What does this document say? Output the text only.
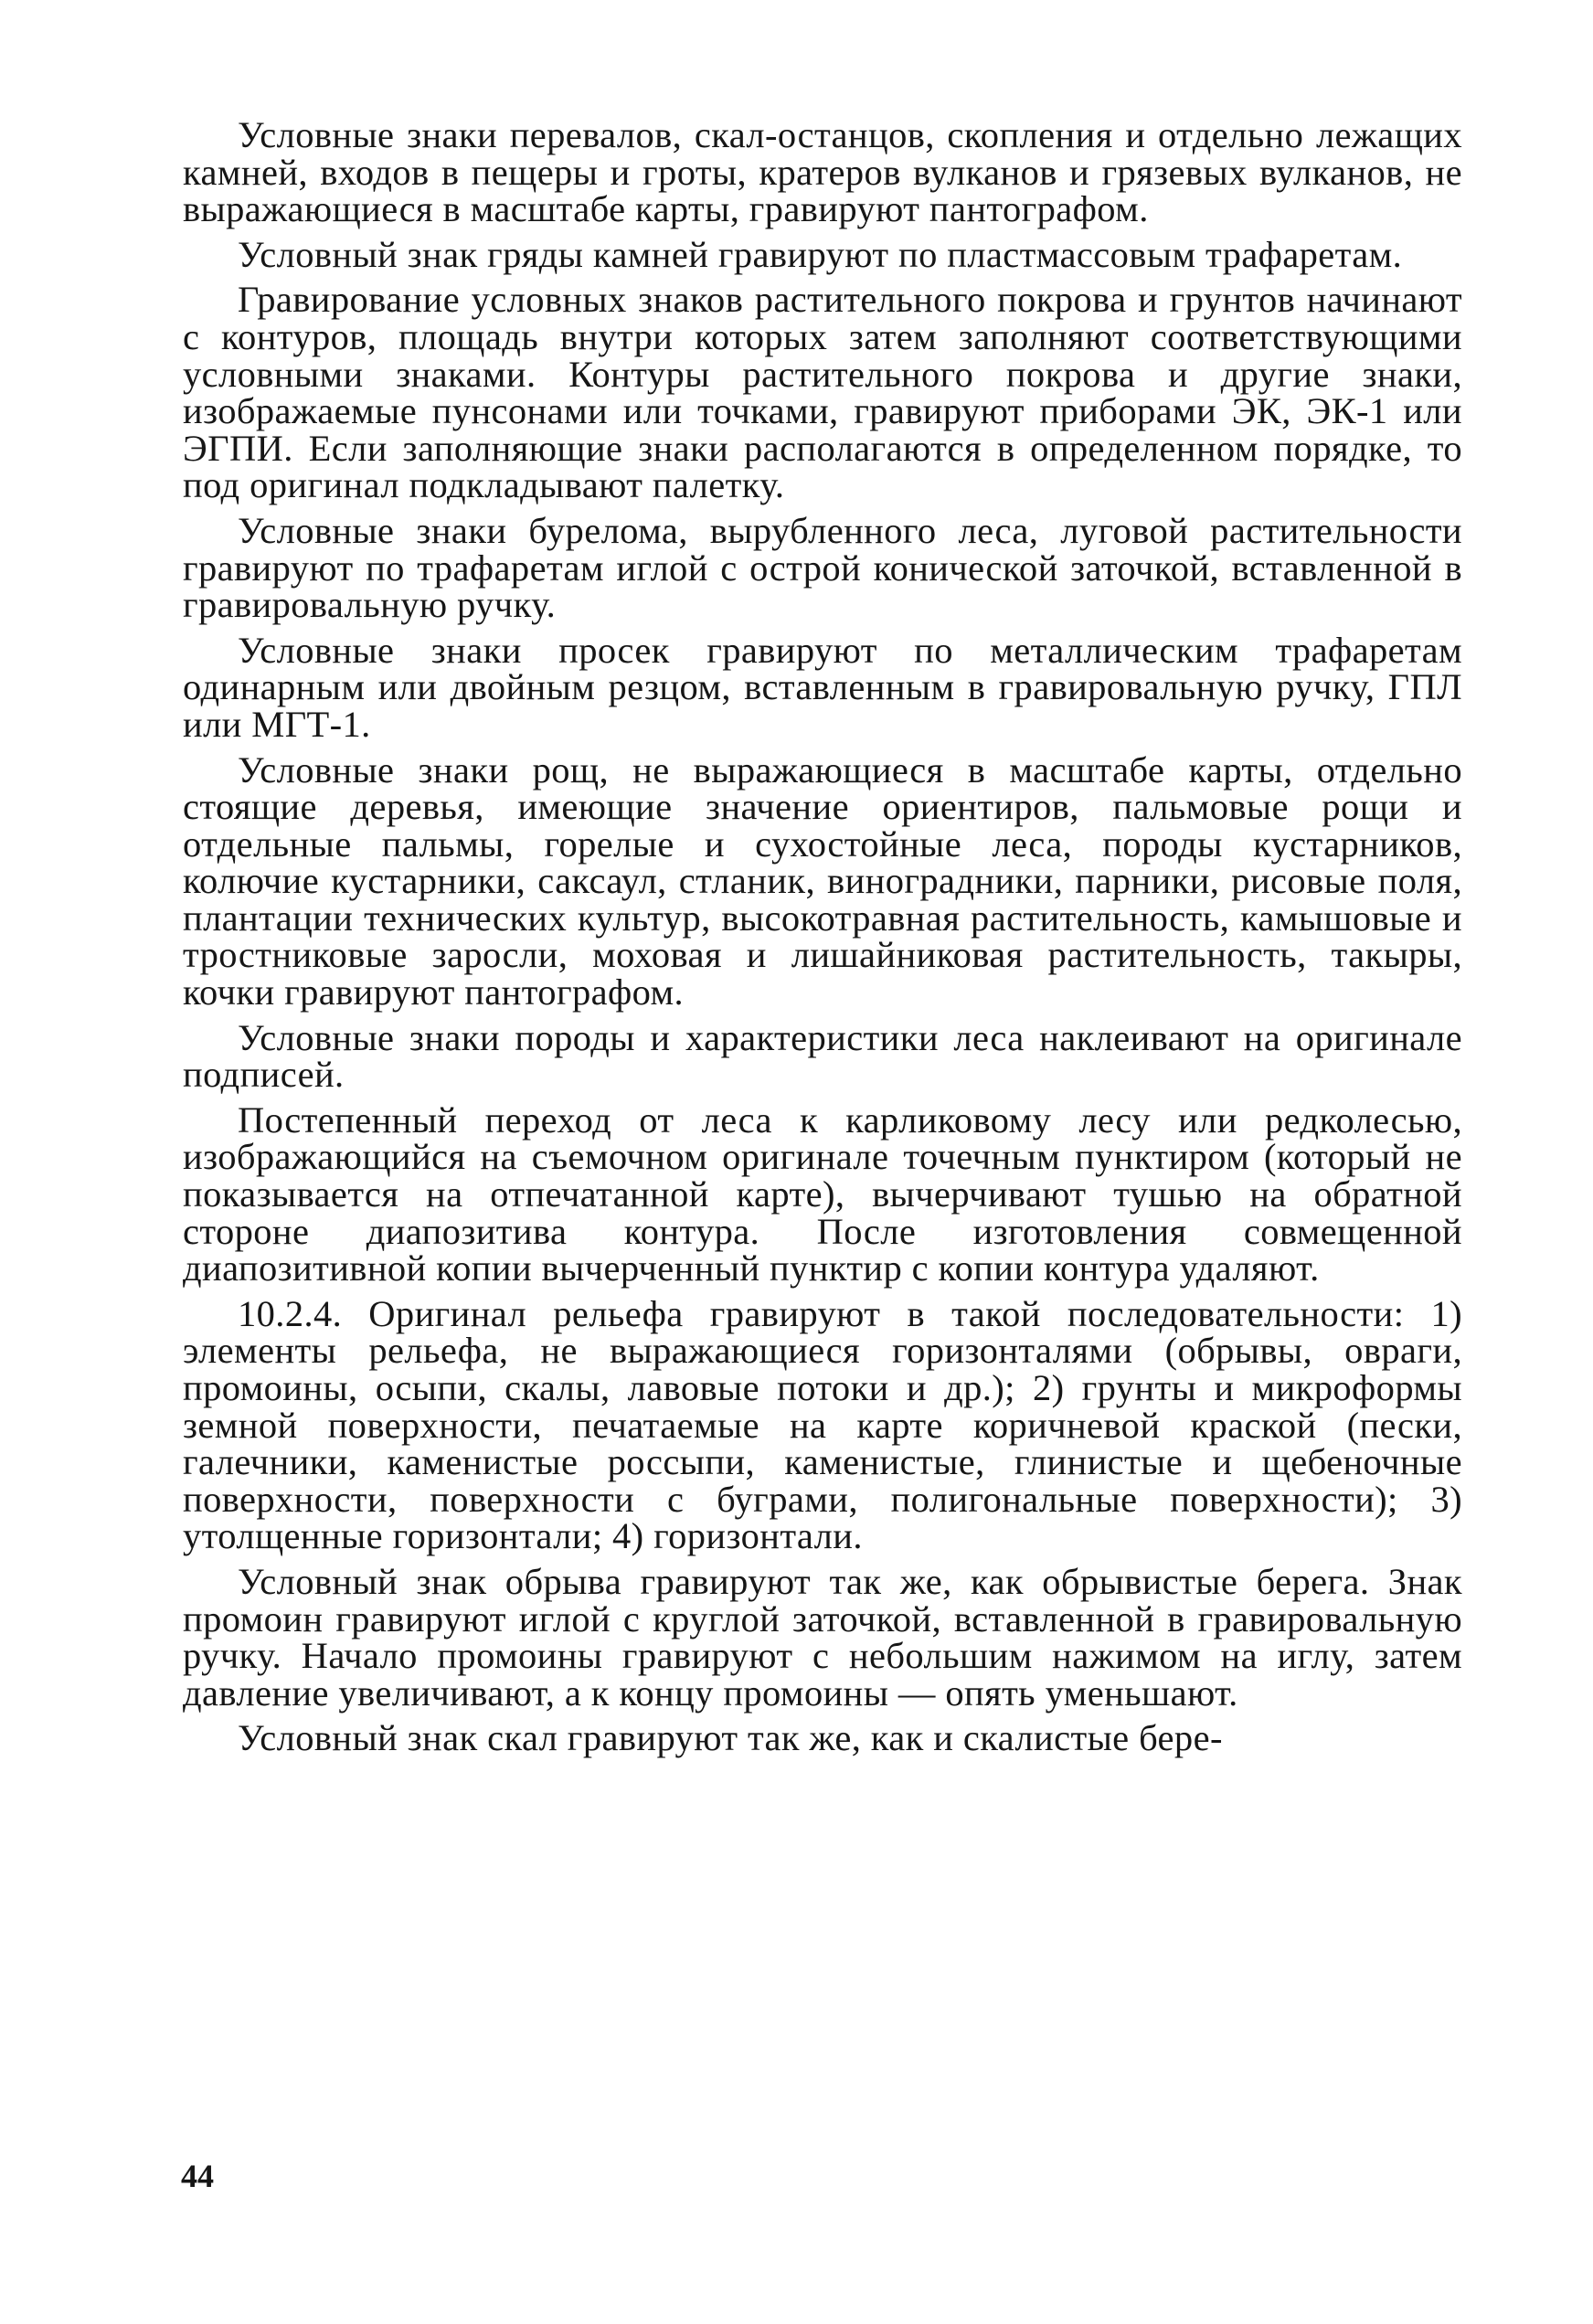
Условные знаки перевалов, скал-останцов, скопления и отдельно лежащих камней, входов в пещеры и гроты, кратеров вулканов и грязевых вулканов, не выражающиеся в масштабе карты, гравируют пантографом.

Условный знак гряды камней гравируют по пластмассовым трафаретам.

Гравирование условных знаков растительного покрова и грунтов начинают с контуров, площадь внутри которых затем заполняют соответствующими условными знаками. Контуры растительного покрова и другие знаки, изображаемые пунсонами или точками, гравируют приборами ЭК, ЭК-1 или ЭГПИ. Если заполняющие знаки располагаются в определенном порядке, то под оригинал подкладывают палетку.

Условные знаки бурелома, вырубленного леса, луговой растительности гравируют по трафаретам иглой с острой конической заточкой, вставленной в гравировальную ручку.

Условные знаки просек гравируют по металлическим трафаретам одинарным или двойным резцом, вставленным в гравировальную ручку, ГПЛ или МГТ-1.

Условные знаки рощ, не выражающиеся в масштабе карты, отдельно стоящие деревья, имеющие значение ориентиров, пальмовые рощи и отдельные пальмы, горелые и сухостойные леса, породы кустарников, колючие кустарники, саксаул, стланик, виноградники, парники, рисовые поля, плантации технических культур, высокотравная растительность, камышовые и тростниковые заросли, моховая и лишайниковая растительность, такыры, кочки гравируют пантографом.

Условные знаки породы и характеристики леса наклеивают на оригинале подписей.

Постепенный переход от леса к карликовому лесу или редколесью, изображающийся на съемочном оригинале точечным пунктиром (который не показывается на отпечатанной карте), вычерчивают тушью на обратной стороне диапозитива контура. После изготовления совмещенной диапозитивной копии вычерченный пунктир с копии контура удаляют.

10.2.4. Оригинал рельефа гравируют в такой последовательности: 1) элементы рельефа, не выражающиеся горизонталями (обрывы, овраги, промоины, осыпи, скалы, лавовые потоки и др.); 2) грунты и микроформы земной поверхности, печатаемые на карте коричневой краской (пески, галечники, каменистые россыпи, каменистые, глинистые и щебеночные поверхности, поверхности с буграми, полигональные поверхности); 3) утолщенные горизонтали; 4) горизонтали.

Условный знак обрыва гравируют так же, как обрывистые берега. Знак промоин гравируют иглой с круглой заточкой, вставленной в гравировальную ручку. Начало промоины гравируют с небольшим нажимом на иглу, затем давление увеличивают, а к концу промоины — опять уменьшают.

Условный знак скал гравируют так же, как и скалистые бере-

44
